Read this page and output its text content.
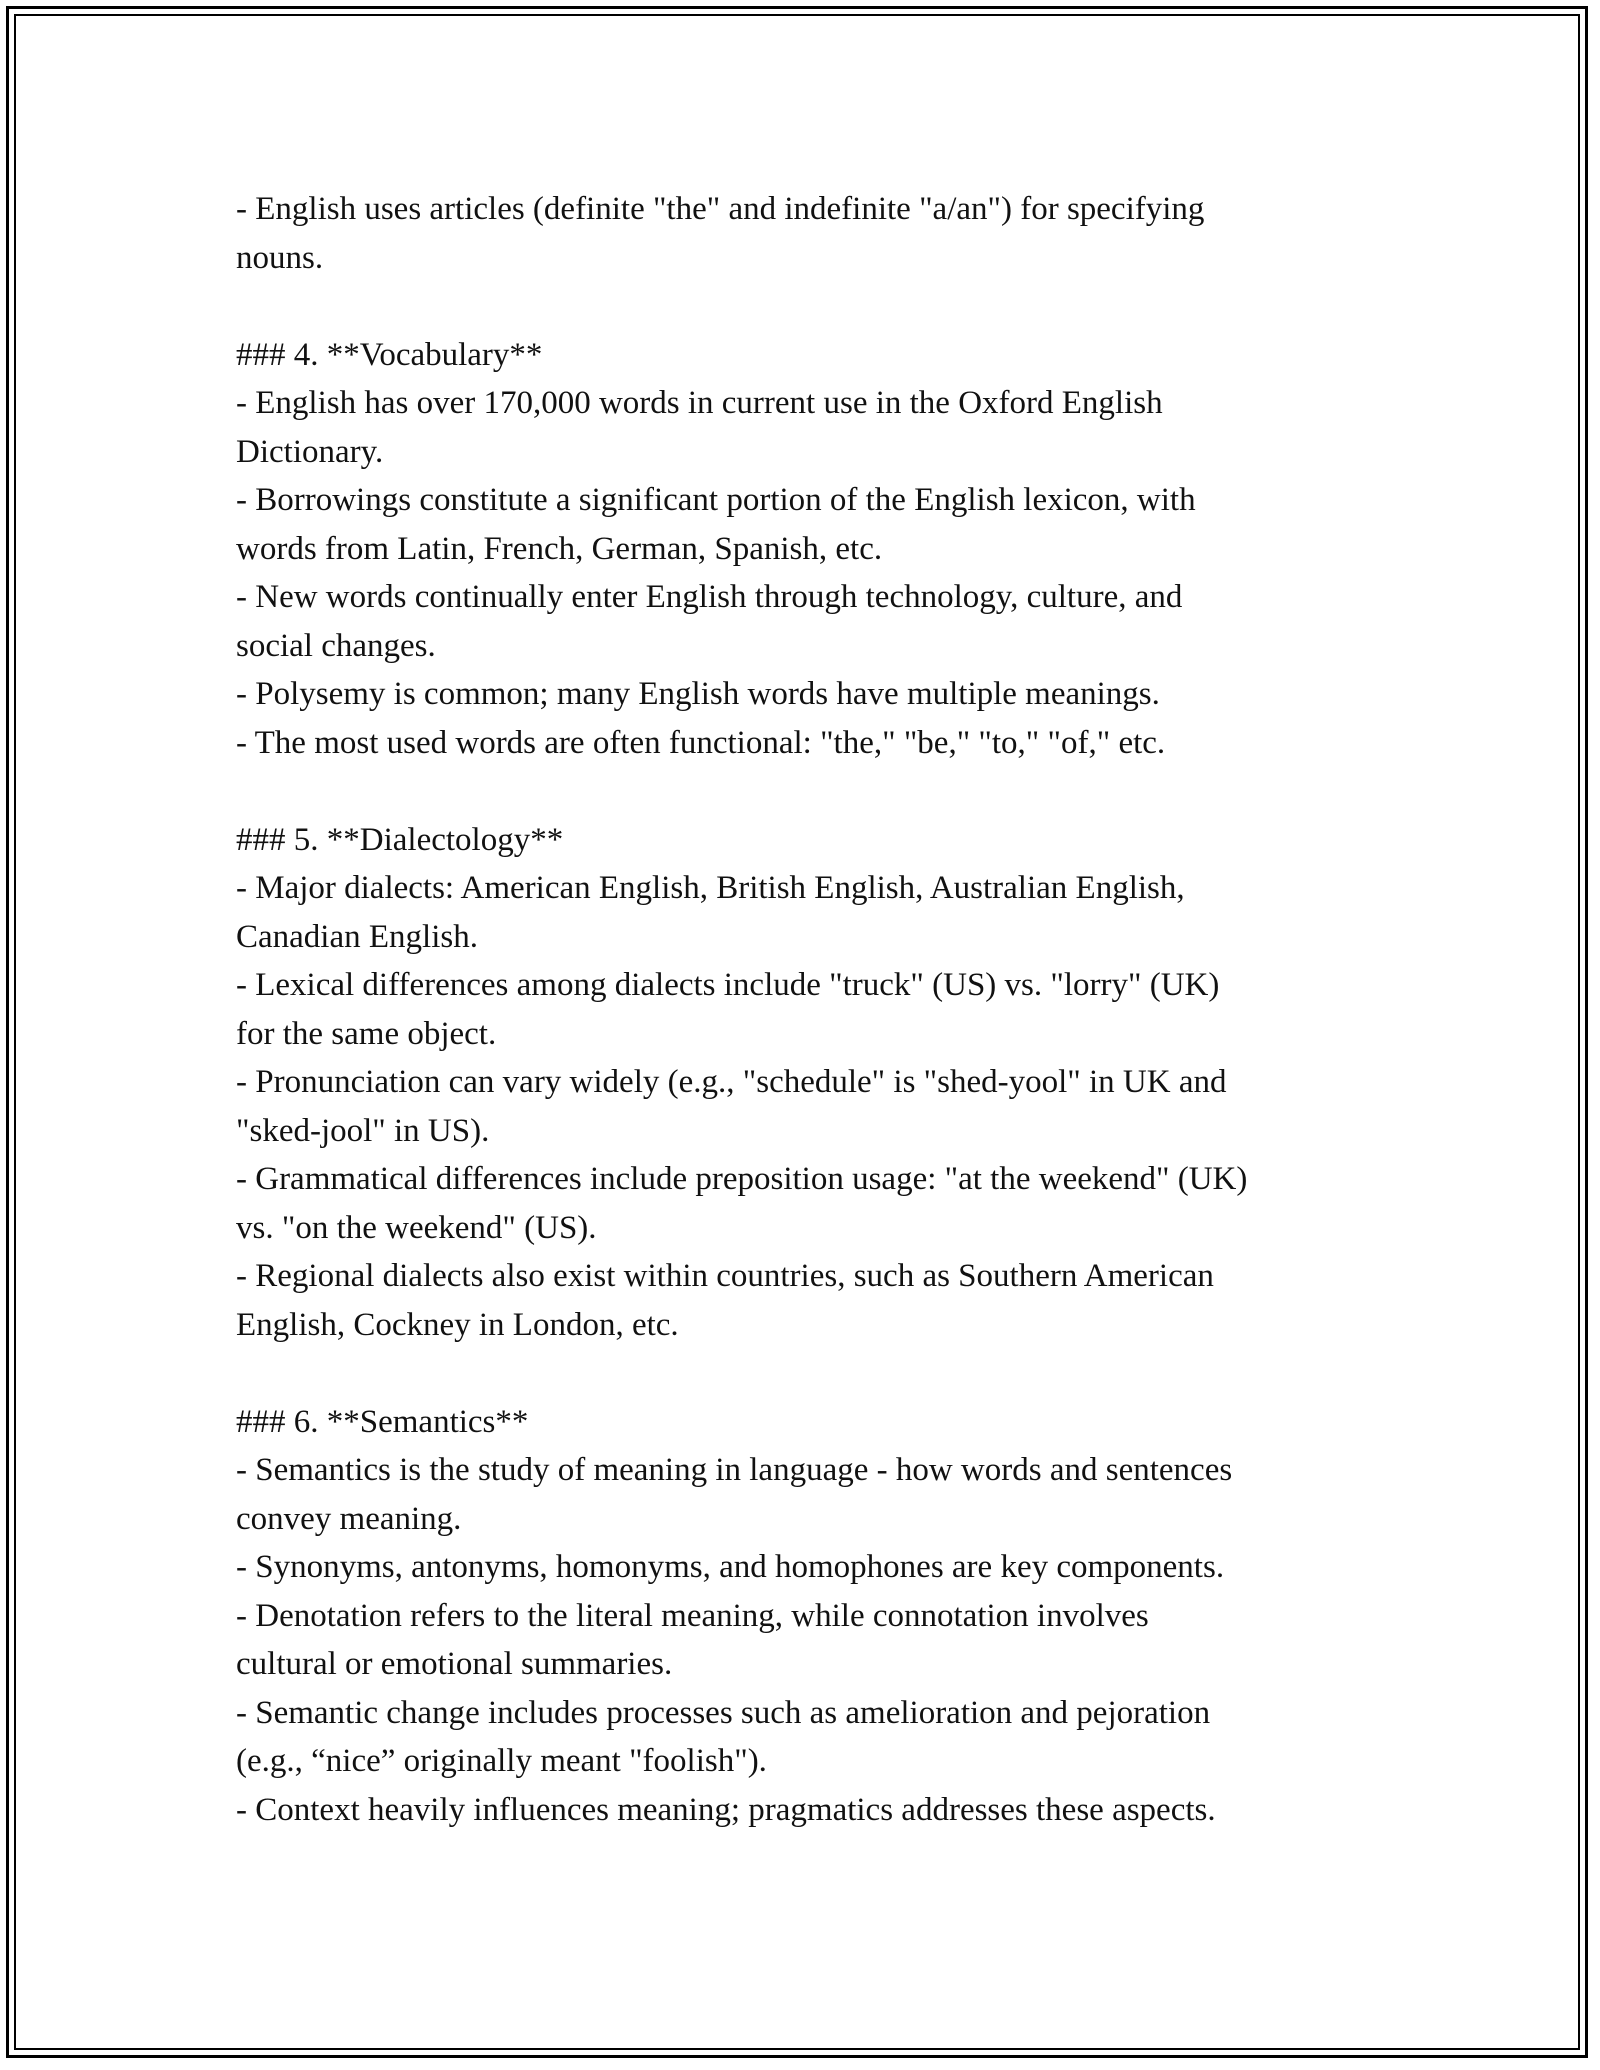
- English uses articles (definite "the" and indefinite "a/an") for specifying
nouns.
### 4. **Vocabulary**
- English has over 170,000 words in current use in the Oxford English
Dictionary.
- Borrowings constitute a significant portion of the English lexicon, with
words from Latin, French, German, Spanish, etc.
- New words continually enter English through technology, culture, and
social changes.
- Polysemy is common; many English words have multiple meanings.
- The most used words are often functional: "the," "be," "to," "of," etc.
### 5. **Dialectology**
- Major dialects: American English, British English, Australian English,
Canadian English.
- Lexical differences among dialects include "truck" (US) vs. "lorry" (UK)
for the same object.
- Pronunciation can vary widely (e.g., "schedule" is "shed-yool" in UK and
"sked-jool" in US).
- Grammatical differences include preposition usage: "at the weekend" (UK)
vs. "on the weekend" (US).
- Regional dialects also exist within countries, such as Southern American
English, Cockney in London, etc.
### 6. **Semantics**
- Semantics is the study of meaning in language - how words and sentences
convey meaning.
- Synonyms, antonyms, homonyms, and homophones are key components.
- Denotation refers to the literal meaning, while connotation involves
cultural or emotional summaries.
- Semantic change includes processes such as amelioration and pejoration
(e.g., “nice” originally meant "foolish").
- Context heavily influences meaning; pragmatics addresses these aspects.
